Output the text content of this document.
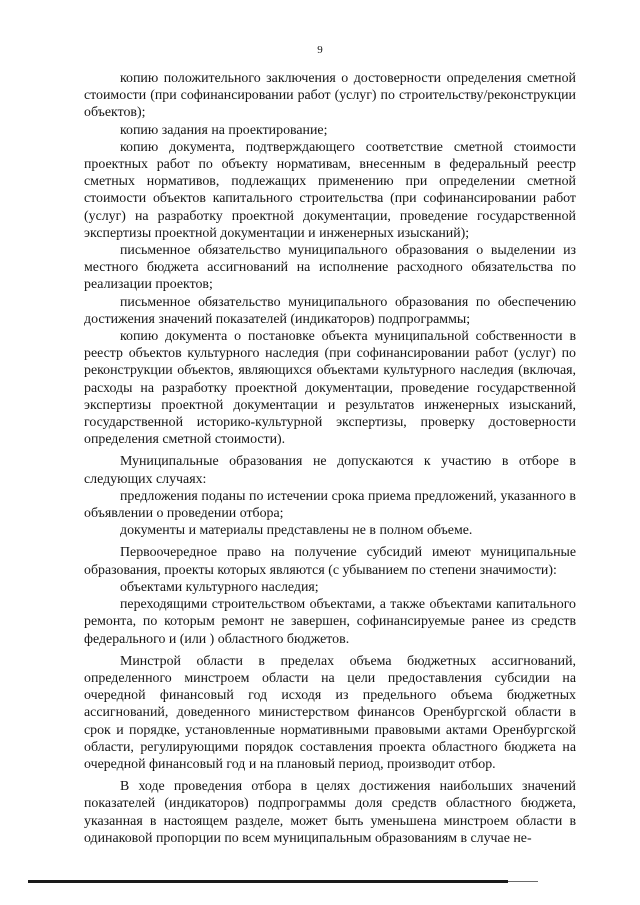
9

копию положительного заключения о достоверности определения сметной стоимости (при софинансировании работ (услуг) по строительству/реконструкции объектов);

копию задания на проектирование;

копию документа, подтверждающего соответствие сметной стоимости проектных работ по объекту нормативам, внесенным в федеральный реестр сметных нормативов, подлежащих применению при определении сметной стоимости объектов капитального строительства (при софинансировании работ (услуг) на разработку проектной документации, проведение государственной экспертизы проектной документации и инженерных изысканий);

письменное обязательство муниципального образования о выделении из местного бюджета ассигнований на исполнение расходного обязательства по реализации проектов;

письменное обязательство муниципального образования по обеспечению достижения значений показателей (индикаторов) подпрограммы;

копию документа о постановке объекта муниципальной собственности в реестр объектов культурного наследия (при софинансировании работ (услуг) по реконструкции объектов, являющихся объектами культурного наследия (включая, расходы на разработку проектной документации, проведение государственной экспертизы проектной документации и результатов инженерных изысканий, государственной историко-культурной экспертизы, проверку достоверности определения сметной стоимости).

Муниципальные образования не допускаются к участию в отборе в следующих случаях:

предложения поданы по истечении срока приема предложений, указанного в объявлении о проведении отбора;

документы и материалы представлены не в полном объеме.

Первоочередное право на получение субсидий имеют муниципальные образования, проекты которых являются (с убыванием по степени значимости):

объектами культурного наследия;

переходящими строительством объектами, а также объектами капитального ремонта, по которым ремонт не завершен, софинансируемые ранее из средств федерального и (или ) областного бюджетов.

Минстрой области в пределах объема бюджетных ассигнований, определенного минстроем области на цели предоставления субсидии на очередной финансовый год исходя из предельного объема бюджетных ассигнований, доведенного министерством финансов Оренбургской области в срок и порядке, установленные нормативными правовыми актами Оренбургской области, регулирующими порядок составления проекта областного бюджета на очередной финансовый год и на плановый период, производит отбор.

В ходе проведения отбора в целях достижения наибольших значений показателей (индикаторов) подпрограммы доля средств областного бюджета, указанная в настоящем разделе, может быть уменьшена минстроем области в одинаковой пропорции по всем муниципальным образованиям в случае не-
